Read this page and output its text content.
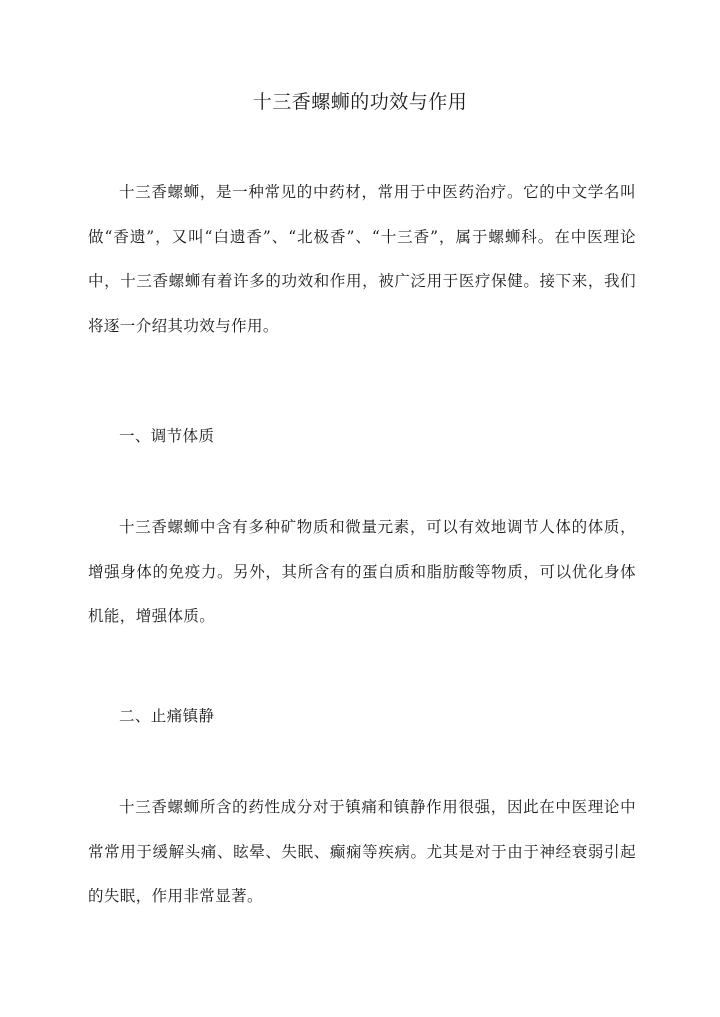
十三香螺蛳的功效与作用

十三香螺蛳，是一种常见的中药材，常用于中医药治疗。它的中文学名叫做“香遗”，又叫“白遗香”、“北极香”、“十三香”，属于螺蛳科。在中医理论中，十三香螺蛳有着许多的功效和作用，被广泛用于医疗保健。接下来，我们将逐一介绍其功效与作用。

一、调节体质

十三香螺蛳中含有多种矿物质和微量元素，可以有效地调节人体的体质，增强身体的免疫力。另外，其所含有的蛋白质和脂肪酸等物质，可以优化身体机能，增强体质。

二、止痛镇静

十三香螺蛳所含的药性成分对于镇痛和镇静作用很强，因此在中医理论中常常用于缓解头痛、眩晕、失眠、癫痫等疾病。尤其是对于由于神经衰弱引起的失眠，作用非常显著。
